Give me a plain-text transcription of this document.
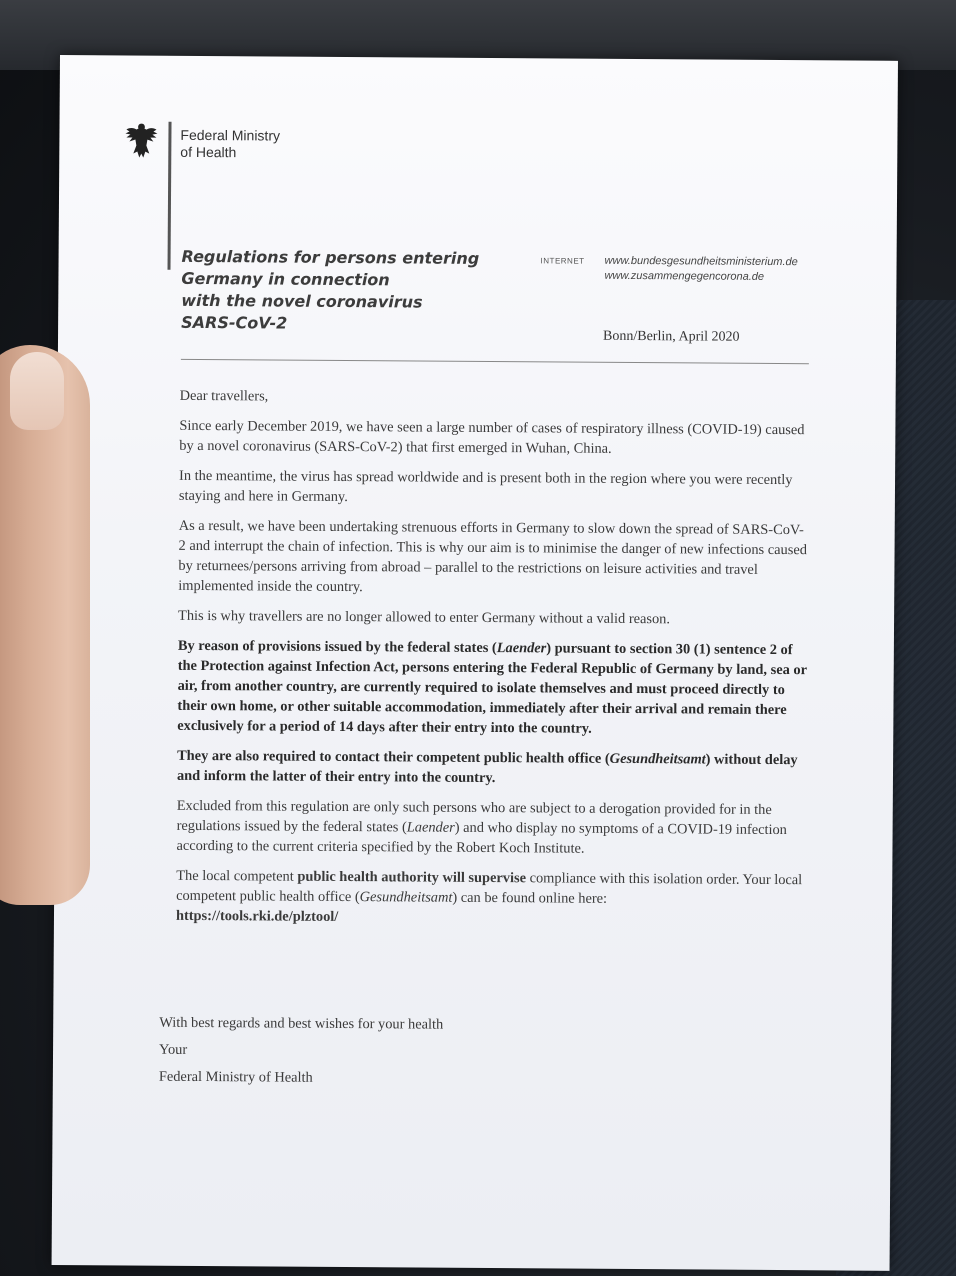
Federal Ministry
of Health
Regulations for persons entering
Germany in connection
with the novel coronavirus
SARS-CoV-2
INTERNET www.bundesgesundheitsministerium.de
www.zusammengegencorona.de
Bonn/Berlin, April 2020

Dear travellers,

Since early December 2019, we have seen a large number of cases of respiratory illness (COVID-19) caused by a novel coronavirus (SARS-CoV-2) that first emerged in Wuhan, China.

In the meantime, the virus has spread worldwide and is present both in the region where you were recently staying and here in Germany.

As a result, we have been undertaking strenuous efforts in Germany to slow down the spread of SARS-CoV-2 and interrupt the chain of infection. This is why our aim is to minimise the danger of new infections caused by returnees/persons arriving from abroad – parallel to the restrictions on leisure activities and travel implemented inside the country.

This is why travellers are no longer allowed to enter Germany without a valid reason.

By reason of provisions issued by the federal states (Laender) pursuant to section 30 (1) sentence 2 of the Protection against Infection Act, persons entering the Federal Republic of Germany by land, sea or air, from another country, are currently required to isolate themselves and must proceed directly to their own home, or other suitable accommodation, immediately after their arrival and remain there exclusively for a period of 14 days after their entry into the country.

They are also required to contact their competent public health office (Gesundheitsamt) without delay and inform the latter of their entry into the country.

Excluded from this regulation are only such persons who are subject to a derogation provided for in the regulations issued by the federal states (Laender) and who display no symptoms of a COVID-19 infection according to the current criteria specified by the Robert Koch Institute.

The local competent public health authority will supervise compliance with this isolation order. Your local competent public health office (Gesundheitsamt) can be found online here:
https://tools.rki.de/plztool/

With best regards and best wishes for your health
Your
Federal Ministry of Health
